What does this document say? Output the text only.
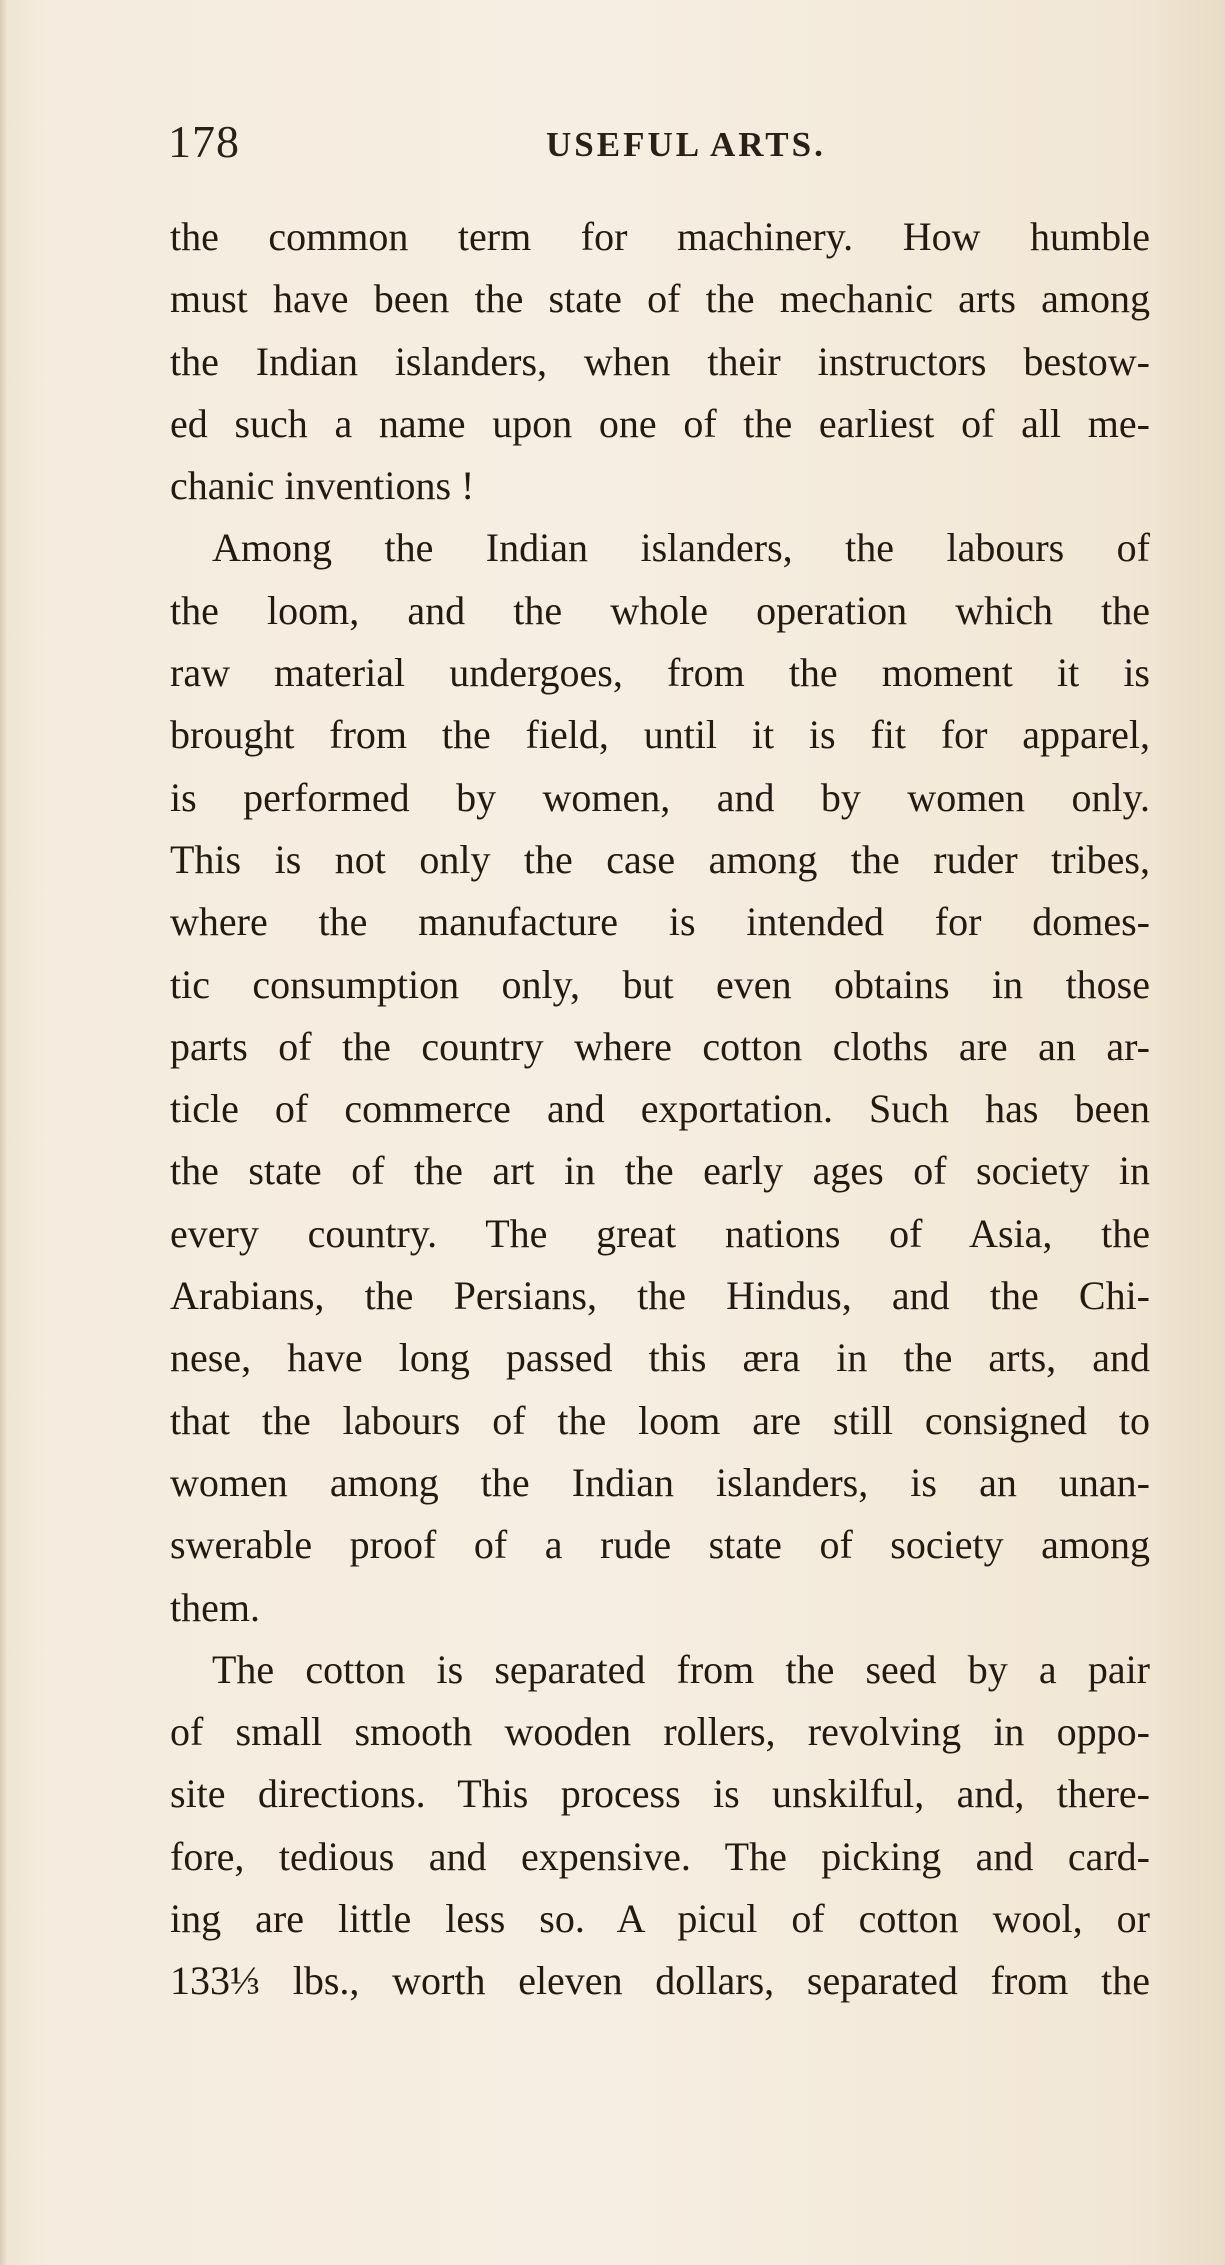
178	USEFUL ARTS.
the common term for machinery. How humble
must have been the state of the mechanic arts among
the Indian islanders, when their instructors bestow-
ed such a name upon one of the earliest of all me-
chanic inventions !
Among the Indian islanders, the labours of
the loom, and the whole operation which the
raw material undergoes, from the moment it is
brought from the field, until it is fit for apparel,
is performed by women, and by women only.
This is not only the case among the ruder tribes,
where the manufacture is intended for domes-
tic consumption only, but even obtains in those
parts of the country where cotton cloths are an ar-
ticle of commerce and exportation. Such has been
the state of the art in the early ages of society in
every country. The great nations of Asia, the
Arabians, the Persians, the Hindus, and the Chi-
nese, have long passed this æra in the arts, and
that the labours of the loom are still consigned to
women among the Indian islanders, is an unan-
swerable proof of a rude state of society among
them.
The cotton is separated from the seed by a pair
of small smooth wooden rollers, revolving in oppo-
site directions. This process is unskilful, and, there-
fore, tedious and expensive. The picking and card-
ing are little less so. A picul of cotton wool, or
133⅓ lbs., worth eleven dollars, separated from the
